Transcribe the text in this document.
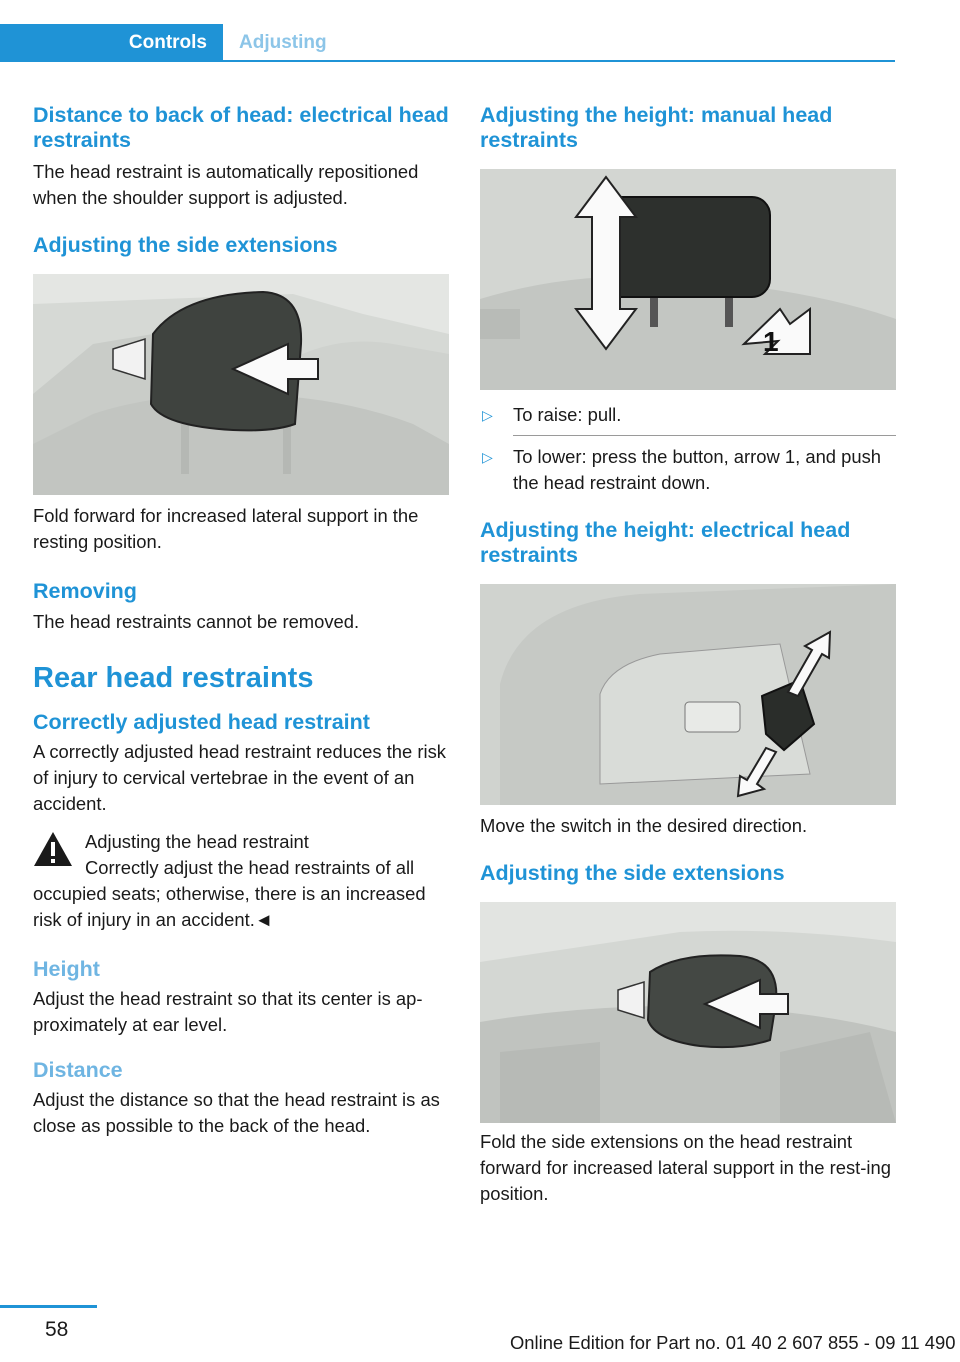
Controls Adjusting
Distance to back of head: electrical head restraints

The head restraint is automatically repositioned when the shoulder support is adjusted.

Adjusting the side extensions

Fold forward for increased lateral support in the resting position.

Removing

The head restraints cannot be removed.

Rear head restraints
Correctly adjusted head restraint

A correctly adjusted head restraint reduces the risk of injury to cervical vertebrae in the event of an accident.

Adjusting the head restraint

Correctly adjust the head restraints of all

occupied seats; otherwise, there is an increased risk of injury in an accident.◄

Height

Adjust the head restraint so that its center is ap-proximately at ear level.

Distance

Adjust the distance so that the head restraint is as close as possible to the back of the head.

Adjusting the height: manual head restraints
1
▷ To raise: pull.
▷ To lower: press the button, arrow 1, and push the head restraint down.
Adjusting the height: electrical head restraints

Move the switch in the desired direction.

Adjusting the side extensions

Fold the side extensions on the head restraint forward for increased lateral support in the rest-ing position.

58
Online Edition for Part no. 01 40 2 607 855 - 09 11 490
